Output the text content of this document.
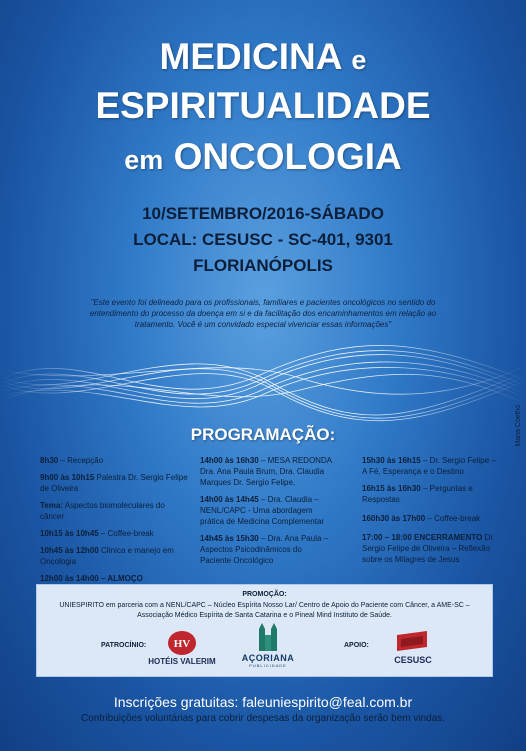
MEDICINA e
ESPIRITUALIDADE
em ONCOLOGIA
10/SETEMBRO/2016-SÁBADO
LOCAL: CESUSC - SC-401, 9301
FLORIANÓPOLIS
"Este evento foi delineado para os profissionais, familiares e pacientes oncológicos no sentido do entendimento do processo da doença em si e da facilitação dos encaminhamentos em relação ao tratamento. Você é um convidado especial vivenciar essas informações"
Maria Coelho
PROGRAMAÇÃO:
8h30 – Recepção
9h00 às 10h15 Palestra Dr. Sergio Felipe de Oliveira
Tema: Aspectos biomoleculares do câncer
10h15 às 10h45 – Coffee-break
10h45 às 12h00 Clínica e manejo em Oncologia
12h00 às 14h00 – ALMOÇO
14h00 às 16h30 – MESA REDONDA Dra. Ana Paula Brum, Dra. Claudia Marques Dr. Sergio Felipe,
14h00 às 14h45 – Dra. Claudia – NENL/CAPC - Uma abordagem prática de Medicina Complementar
14h45 às 15h30 – Dra. Ana Paula – Aspectos Psicodinâmicos do Paciente Oncológico
15h30 às 16h15 – Dr. Sergio Felipe – A Fé, Esperança e o Destino
16h15 às 16h30 – Perguntas e Respostas
160h30 às 17h00 – Coffee-break
17:00 – 18:00 ENCERRAMENTO Dr. Sergio Felipe de Oliveira – Reflexão sobre os Milagres de Jesus
PROMOÇÃO:
UNIESPIRITO em parceria com a NENL/CAPC – Núcleo Espírita Nosso Lar/ Centro de Apoio do Paciente com Câncer, a AME-SC – Associação Médico Espírita de Santa Catarina e o Pineal Mind Instituto de Saúde.
PATROCÍNIO:	HV
HOTÉIS VALERIM	AÇORIANA
PUBLICIDADE
APOIO:
CESUSC
Inscrições gratuitas: faleuniespirito@feal.com.br
Contribuições voluntárias para cobrir despesas da organização serão bem vindas.
